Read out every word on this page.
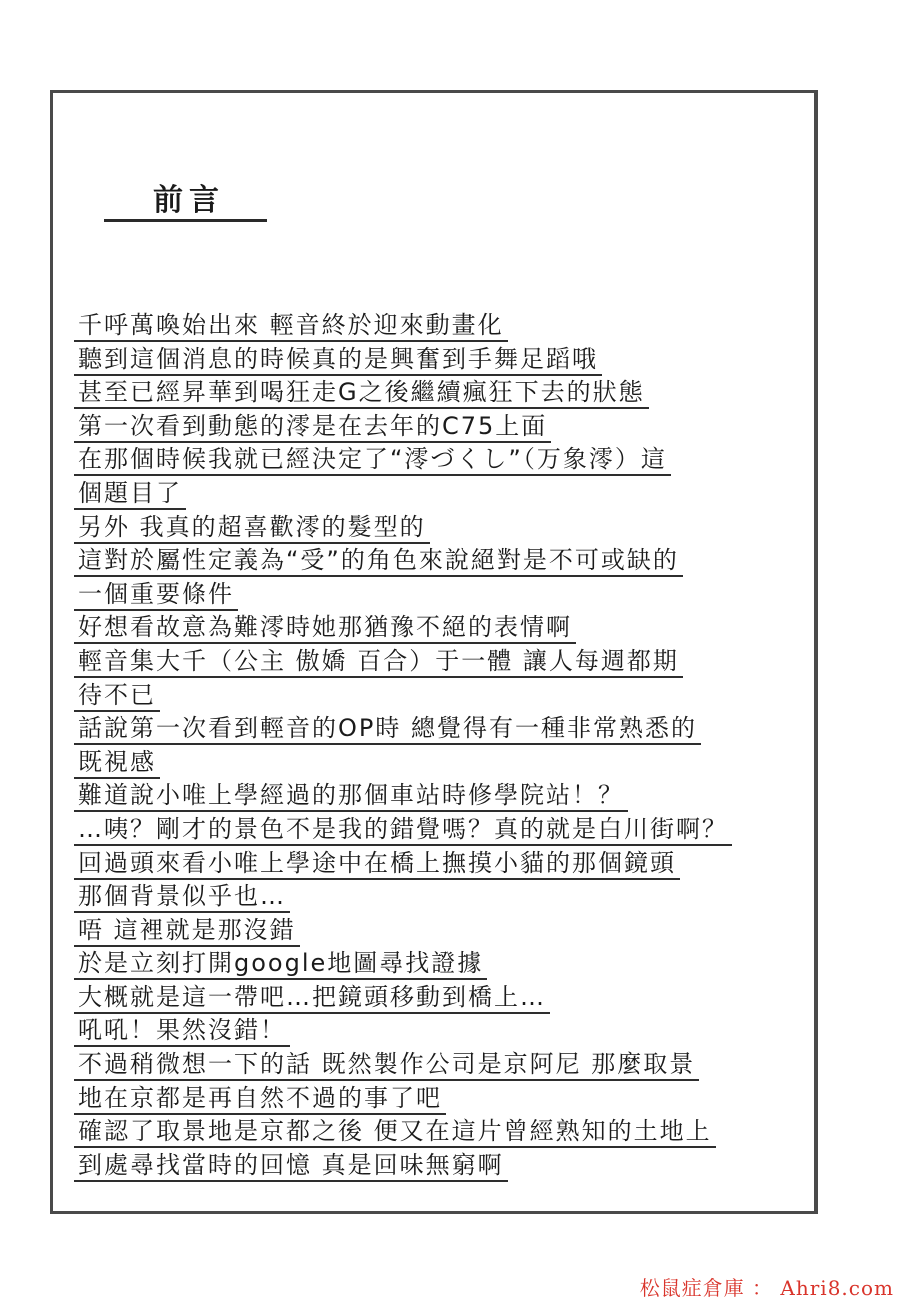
前言
千呼萬喚始出來 輕音終於迎來動畫化
聽到這個消息的時候真的是興奮到手舞足蹈哦
甚至已經昇華到喝狂走G之後繼續瘋狂下去的狀態
第一次看到動態的澪是在去年的C75上面
在那個時候我就已經決定了“澪づくし”（万象澪）這
個題目了
另外 我真的超喜歡澪的髮型的
這對於屬性定義為“受”的角色來說絕對是不可或缺的
一個重要條件
好想看故意為難澪時她那猶豫不絕的表情啊
輕音集大千（公主 傲嬌 百合）于一體 讓人每週都期
待不已
話說第一次看到輕音的OP時 總覺得有一種非常熟悉的
既視感
難道說小唯上學經過的那個車站時修學院站！？
…咦？剛才的景色不是我的錯覺嗎？真的就是白川街啊？
回過頭來看小唯上學途中在橋上撫摸小貓的那個鏡頭
那個背景似乎也…
唔 這裡就是那沒錯
於是立刻打開google地圖尋找證據
大概就是這一帶吧…把鏡頭移動到橋上…
吼吼！果然沒錯！
不過稍微想一下的話 既然製作公司是京阿尼 那麼取景
地在京都是再自然不過的事了吧
確認了取景地是京都之後 便又在這片曾經熟知的土地上
到處尋找當時的回憶 真是回味無窮啊
松鼠症倉庫 ： Ahri8.com
